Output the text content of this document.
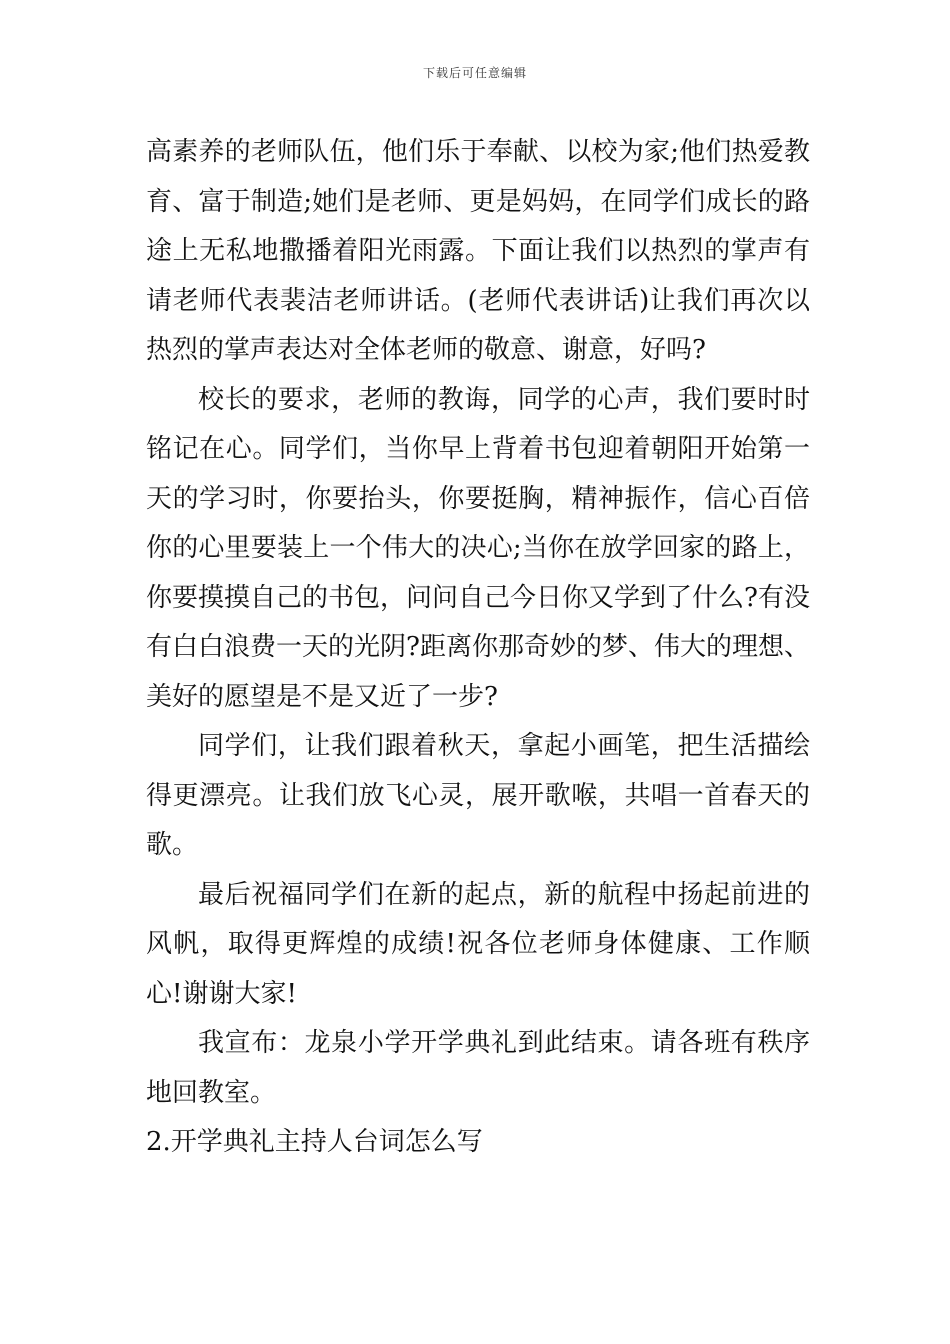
下载后可任意编辑

高素养的老师队伍，他们乐于奉献、以校为家;他们热爱教育、富于制造;她们是老师、更是妈妈，在同学们成长的路途上无私地撒播着阳光雨露。下面让我们以热烈的掌声有请老师代表裴洁老师讲话。(老师代表讲话)让我们再次以热烈的掌声表达对全体老师的敬意、谢意，好吗?

校长的要求，老师的教诲，同学的心声，我们要时时铭记在心。同学们，当你早上背着书包迎着朝阳开始第一天的学习时，你要抬头，你要挺胸，精神振作，信心百倍你的心里要装上一个伟大的决心;当你在放学回家的路上，你要摸摸自己的书包，问问自己今日你又学到了什么?有没有白白浪费一天的光阴?距离你那奇妙的梦、伟大的理想、美好的愿望是不是又近了一步?

同学们，让我们跟着秋天，拿起小画笔，把生活描绘得更漂亮。让我们放飞心灵，展开歌喉，共唱一首春天的歌。

最后祝福同学们在新的起点，新的航程中扬起前进的风帆，取得更辉煌的成绩!祝各位老师身体健康、工作顺心!谢谢大家!

我宣布：龙泉小学开学典礼到此结束。请各班有秩序地回教室。

2.开学典礼主持人台词怎么写
